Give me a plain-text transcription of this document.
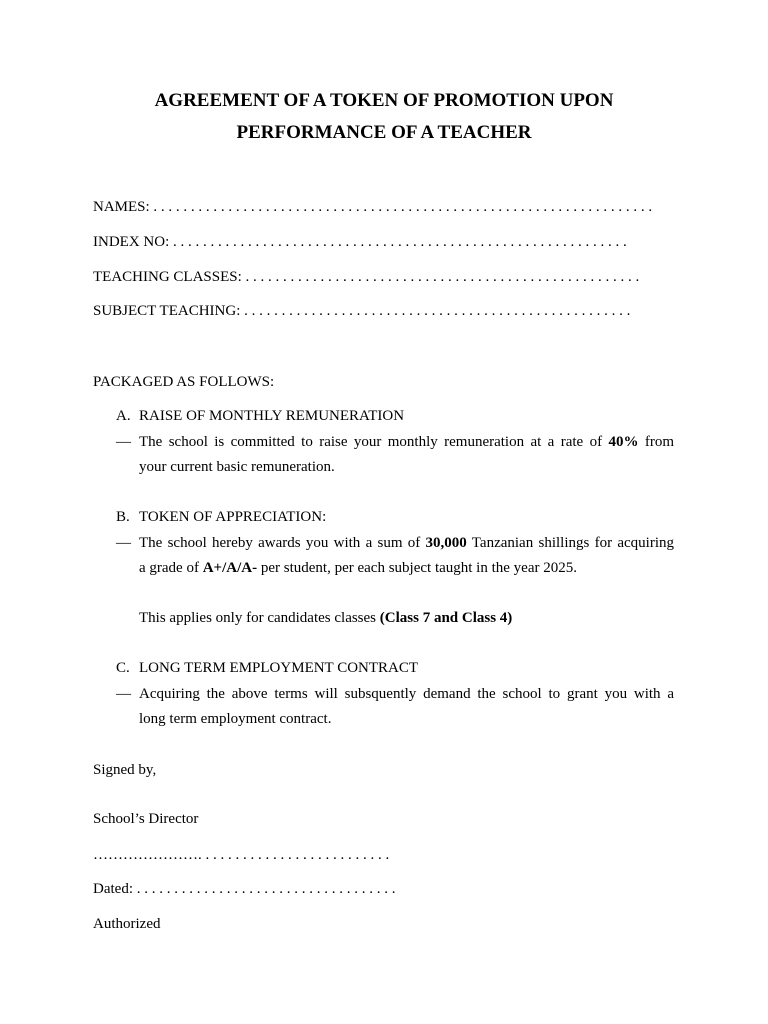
AGREEMENT OF A TOKEN OF PROMOTION UPON
PERFORMANCE OF A TEACHER

NAMES: . . . . . . . . . . . . . . . . . . . . . . . . . . . . . . . . . . . . . . . . . . . . . . . . . . . . . . . . . . . . . . . . . . .

INDEX NO: . . . . . . . . . . . . . . . . . . . . . . . . . . . . . . . . . . . . . . . . . . . . . . . . . . . . . . . . . . . . .

TEACHING CLASSES: . . . . . . . . . . . . . . . . . . . . . . . . . . . . . . . . . . . . . . . . . . . . . . . . . . . . .

SUBJECT TEACHING: . . . . . . . . . . . . . . . . . . . . . . . . . . . . . . . . . . . . . . . . . . . . . . . . . . . .

PACKAGED AS FOLLOWS:

A. RAISE OF MONTHLY REMUNERATION
— The school is committed to raise your monthly remuneration at a rate of 40% from
your current basic remuneration.
B. TOKEN OF APPRECIATION:
— The school hereby awards you with a sum of 30,000 Tanzanian shillings for acquiring
a grade of A+/A/A- per student, per each subject taught in the year 2025.
This applies only for candidates classes (Class 7 and Class 4)
C. LONG TERM EMPLOYMENT CONTRACT
— Acquiring the above terms will subsquently demand the school to grant you with a
long term employment contract.

Signed by,

School’s Director

…………………. . . . . . . . . . . . . . . . . . . . . . . . . .

Dated: . . . . . . . . . . . . . . . . . . . . . . . . . . . . . . . . . . .

Authorized
